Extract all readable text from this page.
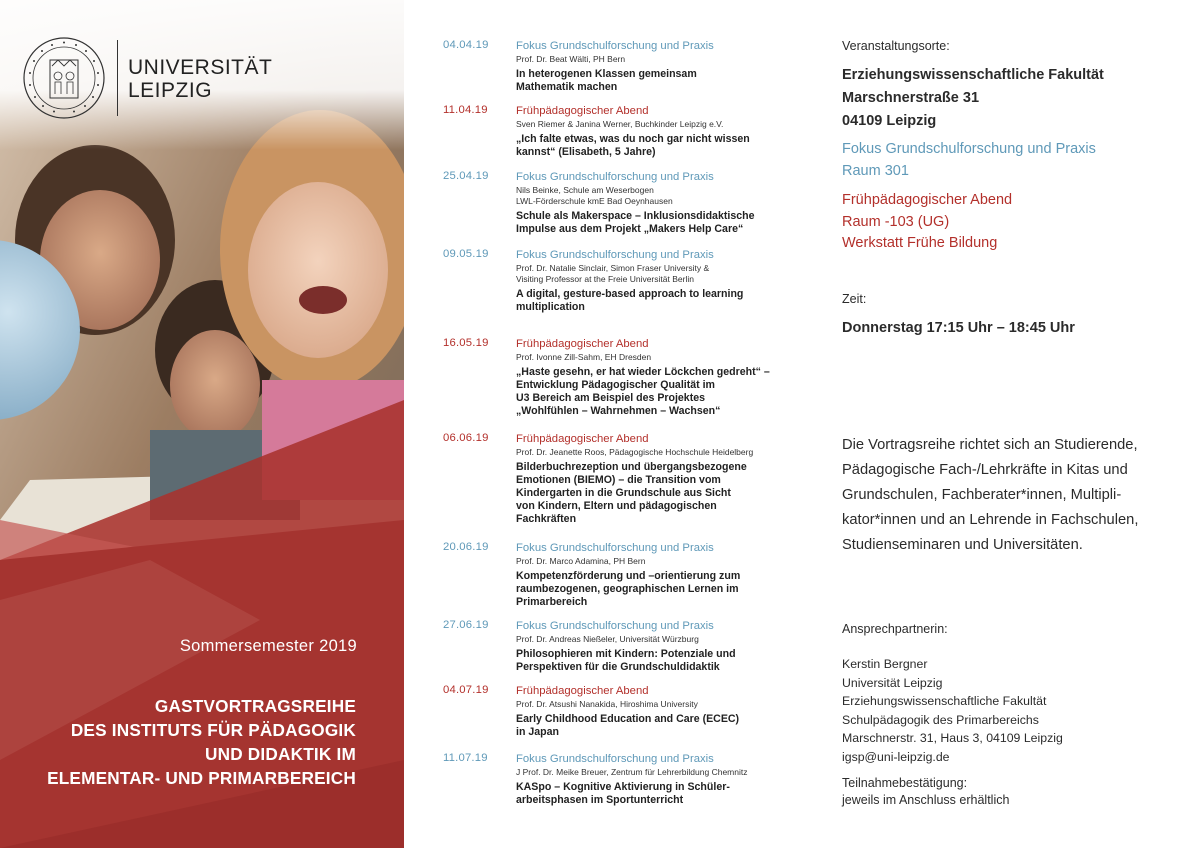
UNIVERSITÄT
LEIPZIG
Sommersemester 2019
GASTVORTRAGSREIHE
DES INSTITUTS FÜR PÄDAGOGIK
UND DIDAKTIK IM
ELEMENTAR- UND PRIMARBEREICH
04.04.19	Fokus Grundschulforschung und Praxis
Prof. Dr. Beat Wälti, PH Bern
In heterogenen Klassen gemeinsam
Mathematik machen
11.04.19	Frühpädagogischer Abend
Sven Riemer & Janina Werner, Buchkinder Leipzig e.V.
„Ich falte etwas, was du noch gar nicht wissen
kannst“ (Elisabeth, 5 Jahre)
25.04.19	Fokus Grundschulforschung und Praxis
Nils Beinke, Schule am Weserbogen
LWL-Förderschule kmE Bad Oeynhausen
Schule als Makerspace – Inklusionsdidaktische
Impulse aus dem Projekt „Makers Help Care“
09.05.19	Fokus Grundschulforschung und Praxis
Prof. Dr. Natalie Sinclair, Simon Fraser University &
Visiting Professor at the Freie Universität Berlin
A digital, gesture-based approach to learning
multiplication
16.05.19	Frühpädagogischer Abend
Prof. Ivonne Zill-Sahm, EH Dresden
„Haste gesehn, er hat wieder Löckchen gedreht“ –
Entwicklung Pädagogischer Qualität im
U3 Bereich am Beispiel des Projektes
„Wohlfühlen – Wahrnehmen – Wachsen“
06.06.19	Frühpädagogischer Abend
Prof. Dr. Jeanette Roos, Pädagogische Hochschule Heidelberg
Bilderbuchrezeption und übergangsbezogene
Emotionen (BIEMO) – die Transition vom
Kindergarten in die Grundschule aus Sicht
von Kindern, Eltern und pädagogischen
Fachkräften
20.06.19	Fokus Grundschulforschung und Praxis
Prof. Dr. Marco Adamina, PH Bern
Kompetenzförderung und –orientierung zum
raumbezogenen, geographischen Lernen im
Primarbereich
27.06.19	Fokus Grundschulforschung und Praxis
Prof. Dr. Andreas Nießeler, Universität Würzburg
Philosophieren mit Kindern: Potenziale und
Perspektiven für die Grundschuldidaktik
04.07.19	Frühpädagogischer Abend
Prof. Dr. Atsushi Nanakida, Hiroshima University
Early Childhood Education and Care (ECEC)
in Japan
11.07.19	Fokus Grundschulforschung und Praxis
J Prof. Dr. Meike Breuer, Zentrum für Lehrerbildung Chemnitz
KASpo – Kognitive Aktivierung in Schüler-
arbeitsphasen im Sportunterricht
Veranstaltungsorte:
Erziehungswissenschaftliche Fakultät
Marschnerstraße 31
04109 Leipzig
Fokus Grundschulforschung und Praxis
Raum 301
Frühpädagogischer Abend
Raum -103 (UG)
Werkstatt Frühe Bildung
Zeit:
Donnerstag 17:15 Uhr – 18:45 Uhr
Die Vortragsreihe richtet sich an Studierende,
Pädagogische Fach-/Lehrkräfte in Kitas und
Grundschulen, Fachberater*innen, Multipli-
kator*innen und an Lehrende in Fachschulen,
Studienseminaren und Universitäten.
Ansprechpartnerin:
Kerstin Bergner
Universität Leipzig
Erziehungswissenschaftliche Fakultät
Schulpädagogik des Primarbereichs
Marschnerstr. 31, Haus 3, 04109 Leipzig
igsp@uni-leipzig.de
Teilnahmebestätigung:
jeweils im Anschluss erhältlich
